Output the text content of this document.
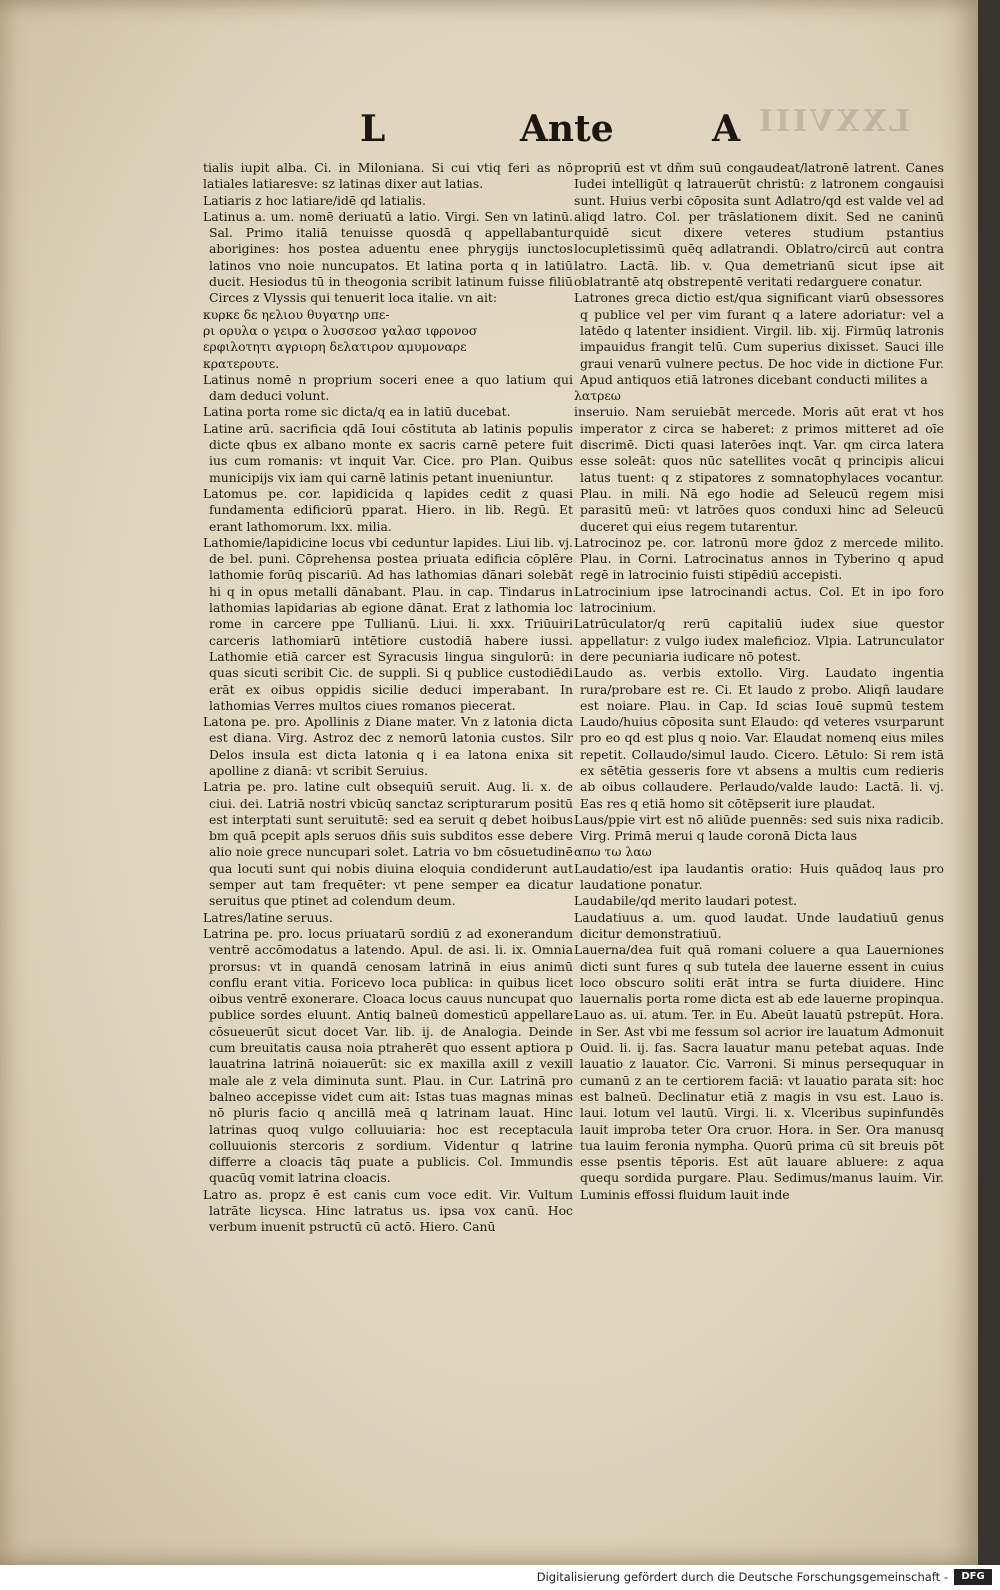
LXXVIII
L	Ante	A

tialis iupit alba. Ci. in Miloniana. Si cui vtiq feri as nō latiales latiaresve: sz latinas dixer aut latias.

Latiaris z hoc latiare/idē qd latialis.

Latinus a. um. nomē deriuatū a latio. Virgi. Sen vn latinū. Sal. Primo italiā tenuisse quosdā q appellabantur aborigines: hos postea aduentu enee phrygijs iunctos latinos vno noie nuncupatos. Et latina porta q in latiū ducit. Hesiodus tū in theogonia scribit latinum fuisse filiū Circes z Vlyssis qui tenuerit loca italie. vn ait:

κυρκε δε ηελιου θυγατηρ υπε-

ρι ορυλα ο γειρα ο λυσσεοσ γαλασ ιφρονοσ

ερφιλοτητι αγριορη δελατιρον αμυμοναρε

κρατερουτε.

Latinus nomē n proprium soceri enee a quo latium qui dam deduci volunt.

Latina porta rome sic dicta/q ea in latiū ducebat.

Latine arū. sacrificia qdā Ioui cōstituta ab latinis populis dicte qbus ex albano monte ex sacris carnē petere fuit ius cum romanis: vt inquit Var. Cice. pro Plan. Quibus municipijs vix iam qui carnē latinis petant inueniuntur.

Latomus pe. cor. lapidicida q lapides cedit z quasi fundamenta edificiorū pparat. Hiero. in lib. Regū. Et erant lathomorum. lxx. milia.

Lathomie/lapidicine locus vbi ceduntur lapides. Liui lib. vj. de bel. puni. Cōprehensa postea priuata edificia cōplēre lathomie forūq piscariū. Ad has lathomias dānari solebāt hi q in opus metalli dānabant. Plau. in cap. Tindarus in lathomias lapidarias ab egione dānat. Erat z lathomia loc rome in carcere ppe Tullianū. Liui. li. xxx. Triūuiri carceris lathomiarū intētiore custodiā habere iussi. Lathomie etiā carcer est Syracusis lingua singulorū: in quas sicuti scribit Cic. de suppli. Si q publice custodiēdi erāt ex oibus oppidis sicilie deduci imperabant. In lathomias Verres multos ciues romanos piecerat.

Latona pe. pro. Apollinis z Diane mater. Vn z latonia dicta est diana. Virg. Astroz dec z nemorū latonia custos. Silr Delos insula est dicta latonia q i ea latona enixa sit apolline z dianā: vt scribit Seruius.

Latria pe. pro. latine cult obsequiū seruit. Aug. li. x. de ciui. dei. Latriā nostri vbicūq sanctaz scripturarum positū est interptati sunt seruitutē: sed ea seruit q debet hoibus bm quā pcepit apls seruos dñis suis subditos esse debere alio noie grece nuncupari solet. Latria vo bm cōsuetudinē qua locuti sunt qui nobis diuina eloquia condiderunt aut semper aut tam frequēter: vt pene semper ea dicatur seruitus que ptinet ad colendum deum.

Latres/latine seruus.

Latrina pe. pro. locus priuatarū sordiū z ad exonerandum ventrē accōmodatus a latendo. Apul. de asi. li. ix. Omnia prorsus: vt in quandā cenosam latrinā in eius animū conflu erant vitia. Foricevo loca publica: in quibus licet oibus ventrē exonerare. Cloaca locus cauus nuncupat quo publice sordes eluunt. Antiq balneū domesticū appellare cōsueuerūt sicut docet Var. lib. ij. de Analogia. Deinde cum breuitatis causa noia ptraherēt quo essent aptiora p lauatrina latrinā noiauerūt: sic ex maxilla axill z vexill male ale z vela diminuta sunt. Plau. in Cur. Latrinā pro balneo accepisse videt cum ait: Istas tuas magnas minas nō pluris facio q ancillā meā q latrinam lauat. Hinc latrinas quoq vulgo colluuiaria: hoc est receptacula colluuionis stercoris z sordium. Videntur q latrine differre a cloacis tāq puate a publicis. Col. Immundis quacūq vomit latrina cloacis.

Latro as. propz ē est canis cum voce edit. Vir. Vultum latrāte licysca. Hinc latratus us. ipsa vox canū. Hoc verbum inuenit pstructū cū actō. Hiero. Canū

propriū est vt dñm suū congaudeat/latronē latrent. Canes Iudei intelligūt q latrauerūt christū: z latronem congauisi sunt. Huius verbi cōposita sunt Adlatro/qd est valde vel ad aliqd latro. Col. per trāslationem dixit. Sed ne caninū quidē sicut dixere veteres studium pstantius locupletissimū quēq adlatrandi. Oblatro/circū aut contra latro. Lactā. lib. v. Qua demetrianū sicut ipse ait oblatrantē atq obstrepentē veritati redarguere conatur.

Latrones greca dictio est/qua significant viarū obsessores q publice vel per vim furant q a latere adoriatur: vel a latēdo q latenter insidient. Virgil. lib. xij. Firmūq latronis impauidus frangit telū. Cum superius dixisset. Sauci ille graui venarū vulnere pectus. De hoc vide in dictione Fur. Apud antiquos etiā latrones dicebant conducti milites a

λατρεω

inseruio. Nam seruiebāt mercede. Moris aūt erat vt hos imperator z circa se haberet: z primos mitteret ad oīe discrimē. Dicti quasi laterōes inqt. Var. qm circa latera esse soleāt: quos nūc satellites vocāt q principis alicui latus tuent: q z stipatores z somnatophylaces vocantur. Plau. in mili. Nā ego hodie ad Seleucū regem misi parasitū meū: vt latrōes quos conduxi hinc ad Seleucū duceret qui eius regem tutarentur.

Latrocinoz pe. cor. latronū more ḡdoz z mercede milito. Plau. in Corni. Latrocinatus annos in Tyberino q apud regē in latrocinio fuisti stipēdiū accepisti.

Latrocinium ipse latrocinandi actus. Col. Et in ipo foro latrocinium.

Latrūculator/q rerū capitaliū iudex siue questor appellatur: z vulgo iudex maleficioz. Vlpia. Latrunculator dere pecuniaria iudicare nō potest.

Laudo as. verbis extollo. Virg. Laudato ingentia rura/probare est re. Ci. Et laudo z probo. Aliqñ laudare est noiare. Plau. in Cap. Id scias Iouē supmū testem Laudo/huius cōposita sunt Elaudo: qd veteres vsurparunt pro eo qd est plus q noio. Var. Elaudat nomenq eius miles repetit. Collaudo/simul laudo. Cicero. Lētulo: Si rem istā ex sētētia gesseris fore vt absens a multis cum redieris ab oibus collaudere. Perlaudo/valde laudo: Lactā. li. vj. Eas res q etiā homo sit cōtēpserit iure plaudat.

Laus/ppie virt est nō aliūde puennēs: sed suis nixa radicib. Virg. Primā merui q laude coronā Dicta laus

απω τω λαω

Laudatio/est ipa laudantis oratio: Huis quādoq laus pro laudatione ponatur.

Laudabile/qd merito laudari potest.

Laudatiuus a. um. quod laudat. Unde laudatiuū genus dicitur demonstratiuū.

Lauerna/dea fuit quā romani coluere a qua Lauerniones dicti sunt fures q sub tutela dee lauerne essent in cuius loco obscuro soliti erāt intra se furta diuidere. Hinc lauernalis porta rome dicta est ab ede lauerne propinqua.

Lauo as. ui. atum. Ter. in Eu. Abeūt lauatū pstrepūt. Hora. in Ser. Ast vbi me fessum sol acrior ire lauatum Admonuit Ouid. li. ij. fas. Sacra lauatur manu petebat aquas. Inde lauatio z lauator. Cic. Varroni. Si minus perseququar in cumanū z an te certiorem faciā: vt lauatio parata sit: hoc est balneū. Declinatur etiā z magis in vsu est. Lauo is. laui. lotum vel lautū. Virgi. li. x. Vlceribus supinfundēs lauit improba teter Ora cruor. Hora. in Ser. Ora manusq tua lauim feronia nympha. Quorū prima cū sit breuis pōt esse psentis tēporis. Est aūt lauare abluere: z aqua quequ sordida purgare. Plau. Sedimus/manus lauim. Vir. Luminis effossi fluidum lauit inde

Digitalisierung gefördert durch die Deutsche Forschungsgemeinschaft -	DFG
